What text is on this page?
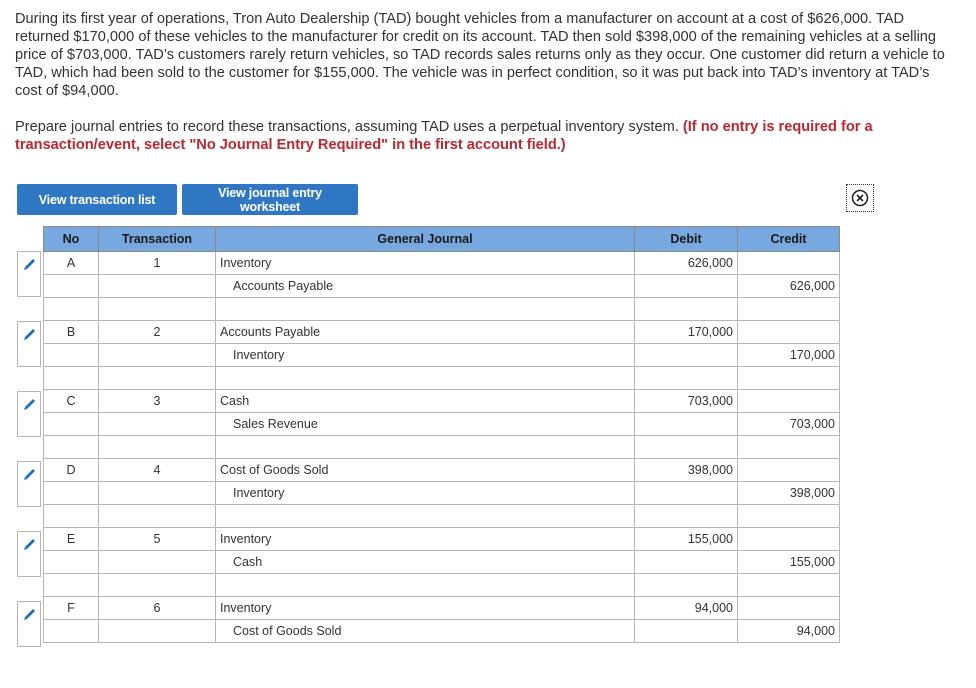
During its first year of operations, Tron Auto Dealership (TAD) bought vehicles from a manufacturer on account at a cost of $626,000. TAD returned $170,000 of these vehicles to the manufacturer for credit on its account. TAD then sold $398,000 of the remaining vehicles at a selling price of $703,000. TAD’s customers rarely return vehicles, so TAD records sales returns only as they occur. One customer did return a vehicle to TAD, which had been sold to the customer for $155,000. The vehicle was in perfect condition, so it was put back into TAD’s inventory at TAD’s cost of $94,000.
Prepare journal entries to record these transactions, assuming TAD uses a perpetual inventory system. (If no entry is required for a transaction/event, select "No Journal Entry Required" in the first account field.)
View transaction list	View journal entry worksheet
No	Transaction	General Journal	Debit	Credit
A	1	Inventory	626,000	
		Accounts Payable		626,000

B	2	Accounts Payable	170,000	
		Inventory		170,000

C	3	Cash	703,000	
		Sales Revenue		703,000

D	4	Cost of Goods Sold	398,000	
		Inventory		398,000

E	5	Inventory	155,000	
		Cash		155,000

F	6	Inventory	94,000	
		Cost of Goods Sold		94,000
